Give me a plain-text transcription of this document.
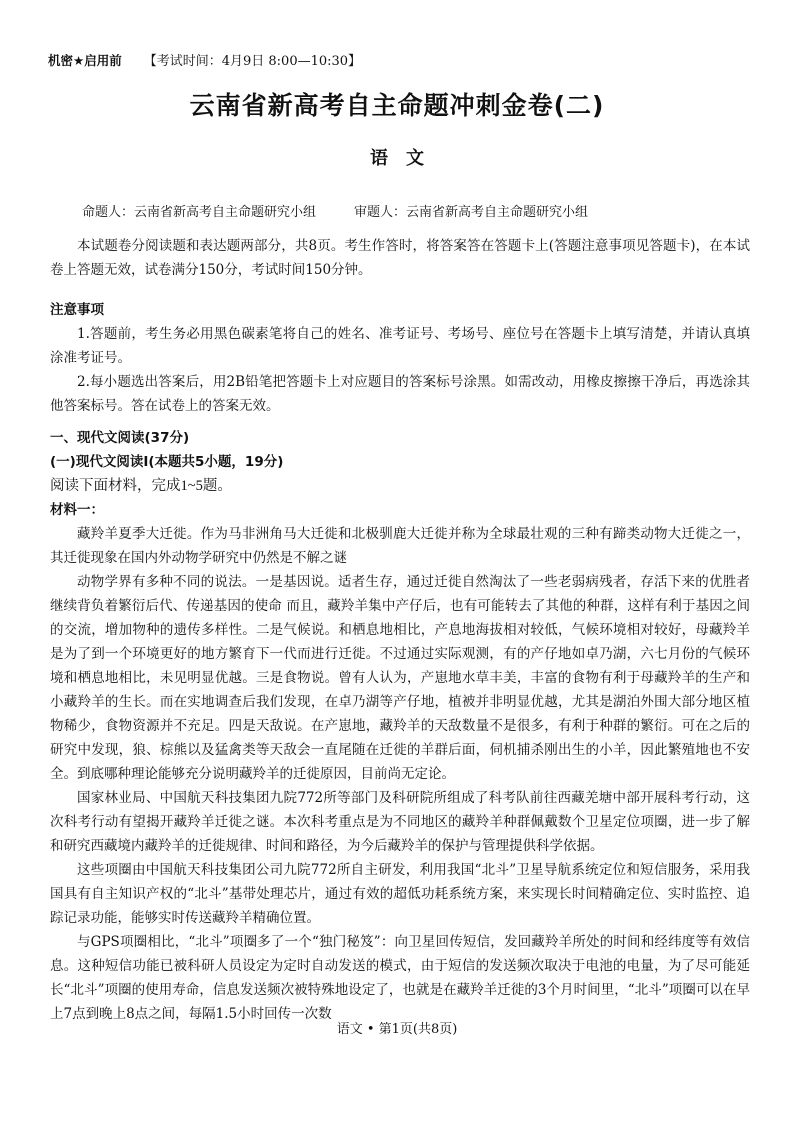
机密★启用前 【考试时间：4月9日 8:00—10:30】
云南省新高考自主命题冲刺金卷(二)
语　文
命题人：云南省新高考自主命题研究小组	审题人：云南省新高考自主命题研究小组

本试题卷分阅读题和表达题两部分，共8页。考生作答时，将答案答在答题卡上(答题注意事项见答题卡)，在本试卷上答题无效，试卷满分150分，考试时间150分钟。

注意事项

1.答题前，考生务必用黑色碳素笔将自己的姓名、准考证号、考场号、座位号在答题卡上填写清楚，并请认真填涂准考证号。

2.每小题选出答案后，用2B铅笔把答题卡上对应题目的答案标号涂黑。如需改动，用橡皮擦擦干净后，再选涂其他答案标号。答在试卷上的答案无效。

一、现代文阅读(37分)

(一)现代文阅读Ⅰ(本题共5小题，19分)

阅读下面材料，完成1~5题。

材料一：

藏羚羊夏季大迁徙。作为马非洲角马大迁徙和北极驯鹿大迁徙并称为全球最壮观的三种有蹄类动物大迁徙之一，其迁徙现象在国内外动物学研究中仍然是不解之谜

动物学界有多种不同的说法。一是基因说。适者生存，通过迁徙自然淘汰了一些老弱病残者，存活下来的优胜者继续背负着繁衍后代、传递基因的使命 而且，藏羚羊集中产仔后，也有可能转去了其他的种群，这样有利于基因之间的交流，增加物种的遗传多样性。二是气候说。和栖息地相比，产息地海拔相对较低，气候环境相对较好，母藏羚羊是为了到一个环境更好的地方繁育下一代而进行迁徙。不过通过实际观测，有的产仔地如卓乃湖，六七月份的气候环境和栖息地相比，未见明显优越。三是食物说。曾有人认为，产崽地水草丰美，丰富的食物有利于母藏羚羊的生产和小藏羚羊的生长。而在实地调查后我们发现，在卓乃湖等产仔地，植被并非明显优越，尤其是湖泊外围大部分地区植物稀少，食物资源并不充足。四是天敌说。在产崽地，藏羚羊的天敌数量不是很多，有利于种群的繁衍。可在之后的研究中发现，狼、棕熊以及猛禽类等天敌会一直尾随在迁徙的羊群后面，伺机捕杀刚出生的小羊，因此繁殖地也不安全。到底哪种理论能够充分说明藏羚羊的迁徙原因，目前尚无定论。

国家林业局、中国航天科技集团九院772所等部门及科研院所组成了科考队前往西藏羌塘中部开展科考行动，这次科考行动有望揭开藏羚羊迁徙之谜。本次科考重点是为不同地区的藏羚羊种群佩戴数个卫星定位项圈，进一步了解和研究西藏境内藏羚羊的迁徙规律、时间和路径，为今后藏羚羊的保护与管理提供科学依据。

这些项圈由中国航天科技集团公司九院772所自主研发，利用我国“北斗”卫星导航系统定位和短信服务，采用我国具有自主知识产权的“北斗”基带处理芯片，通过有效的超低功耗系统方案，来实现长时间精确定位、实时监控、追踪记录功能，能够实时传送藏羚羊精确位置。

与GPS项圈相比，“北斗”项圈多了一个“独门秘笈”：向卫星回传短信，发回藏羚羊所处的时间和经纬度等有效信息。这种短信功能已被科研人员设定为定时自动发送的模式，由于短信的发送频次取决于电池的电量，为了尽可能延长“北斗”项圈的使用寿命，信息发送频次被特殊地设定了，也就是在藏羚羊迁徙的3个月时间里，“北斗”项圈可以在早上7点到晚上8点之间，每隔1.5小时回传一次数

语文 • 第1页(共8页)
